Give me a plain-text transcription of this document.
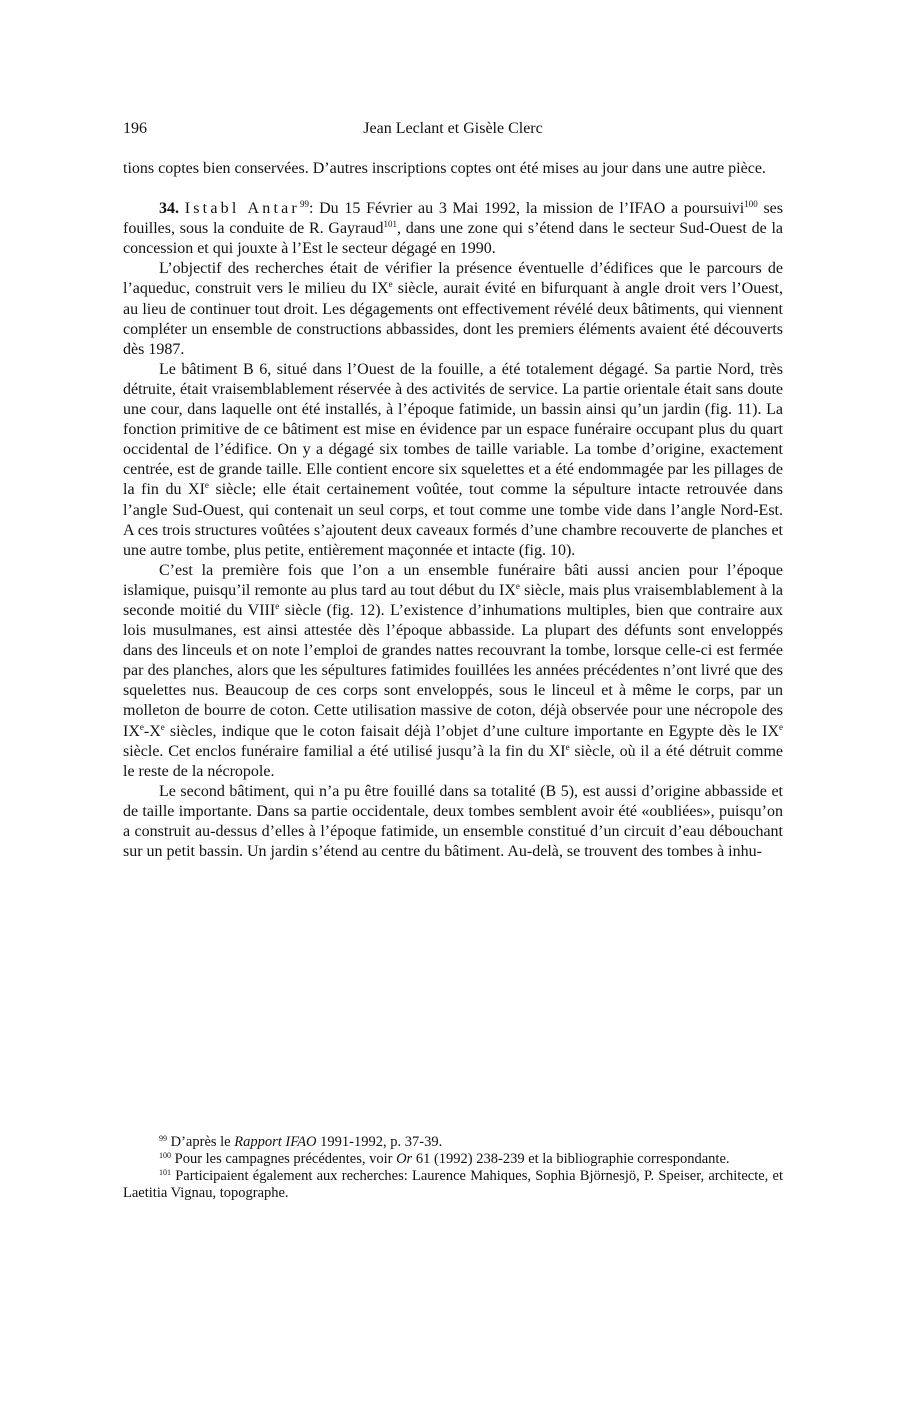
196	Jean Leclant et Gisèle Clerc

tions coptes bien conservées. D’autres inscriptions coptes ont été mises au jour dans une autre pièce.

34. Istabl Antar$^{99}$: Du 15 Février au 3 Mai 1992, la mission de l’IFAO a poursuivi$^{100}$ ses fouilles, sous la conduite de R. Gayraud$^{101}$, dans une zone qui s’étend dans le secteur Sud-Ouest de la concession et qui jouxte à l’Est le secteur dégagé en 1990.

L’objectif des recherches était de vérifier la présence éventuelle d’édifices que le parcours de l’aqueduc, construit vers le milieu du IXe siècle, aurait évité en bifurquant à angle droit vers l’Ouest, au lieu de continuer tout droit. Les dégagements ont effectivement révélé deux bâtiments, qui viennent compléter un ensemble de constructions abbassides, dont les premiers éléments avaient été découverts dès 1987.

Le bâtiment B 6, situé dans l’Ouest de la fouille, a été totalement dégagé. Sa partie Nord, très détruite, était vraisemblablement réservée à des activités de service. La partie orientale était sans doute une cour, dans laquelle ont été installés, à l’époque fatimide, un bassin ainsi qu’un jardin (fig. 11). La fonction primitive de ce bâtiment est mise en évidence par un espace funéraire occupant plus du quart occidental de l’édifice. On y a dégagé six tombes de taille variable. La tombe d’origine, exactement centrée, est de grande taille. Elle contient encore six squelettes et a été endommagée par les pillages de la fin du XIe siècle; elle était certainement voûtée, tout comme la sépulture intacte retrouvée dans l’angle Sud-Ouest, qui contenait un seul corps, et tout comme une tombe vide dans l’angle Nord-Est. A ces trois structures voûtées s’ajoutent deux caveaux formés d’une chambre recouverte de planches et une autre tombe, plus petite, entièrement maçonnée et intacte (fig. 10).

C’est la première fois que l’on a un ensemble funéraire bâti aussi ancien pour l’époque islamique, puisqu’il remonte au plus tard au tout début du IXe siècle, mais plus vraisemblablement à la seconde moitié du VIIIe siècle (fig. 12). L’existence d’inhumations multiples, bien que contraire aux lois musulmanes, est ainsi attestée dès l’époque abbasside. La plupart des défunts sont enveloppés dans des linceuls et on note l’emploi de grandes nattes recouvrant la tombe, lorsque celle-ci est fermée par des planches, alors que les sépultures fatimides fouillées les années précédentes n’ont livré que des squelettes nus. Beaucoup de ces corps sont enveloppés, sous le linceul et à même le corps, par un molleton de bourre de coton. Cette utilisation massive de coton, déjà observée pour une nécropole des IXe-Xe siècles, indique que le coton faisait déjà l’objet d’une culture importante en Egypte dès le IXe siècle. Cet enclos funéraire familial a été utilisé jusqu’à la fin du XIe siècle, où il a été détruit comme le reste de la nécropole.

Le second bâtiment, qui n’a pu être fouillé dans sa totalité (B 5), est aussi d’origine abbasside et de taille importante. Dans sa partie occidentale, deux tombes semblent avoir été «oubliées», puisqu’on a construit au-dessus d’elles à l’époque fatimide, un ensemble constitué d’un circuit d’eau débouchant sur un petit bassin. Un jardin s’étend au centre du bâtiment. Au-delà, se trouvent des tombes à inhu-

$^{99}$ D’après le Rapport IFAO 1991-1992, p. 37-39.

$^{100}$ Pour les campagnes précédentes, voir Or 61 (1992) 238-239 et la bibliographie correspondante.

$^{101}$ Participaient également aux recherches: Laurence Mahiques, Sophia Björnesjö, P. Speiser, architecte, et Laetitia Vignau, topographe.
